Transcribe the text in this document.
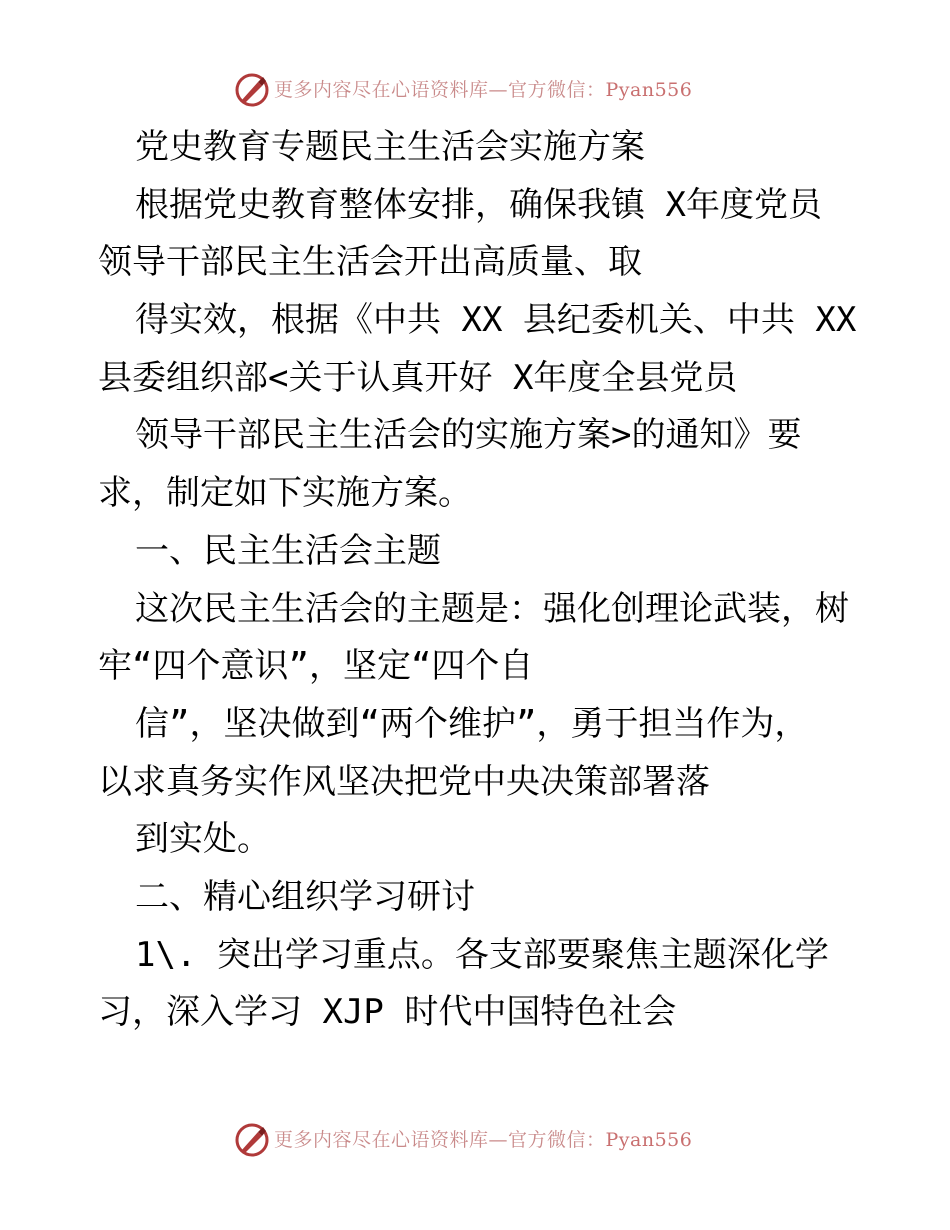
更多内容尽在心语资料库—官方微信：Pyan556
党史教育专题民主生活会实施方案
根据党史教育整体安排，确保我镇 X年度党员
领导干部民主生活会开出高质量、取
得实效，根据《中共 XX 县纪委机关、中共 XX
县委组织部<关于认真开好 X年度全县党员
领导干部民主生活会的实施方案>的通知》要
求，制定如下实施方案。
一、民主生活会主题
这次民主生活会的主题是：强化创理论武装，树
牢“四个意识”，坚定“四个自
信”，坚决做到“两个维护”，勇于担当作为，
以求真务实作风坚决把党中央决策部署落
到实处。
二、精心组织学习研讨
1\. 突出学习重点。各支部要聚焦主题深化学
习，深入学习 XJP 时代中国特色社会
更多内容尽在心语资料库—官方微信：Pyan556
